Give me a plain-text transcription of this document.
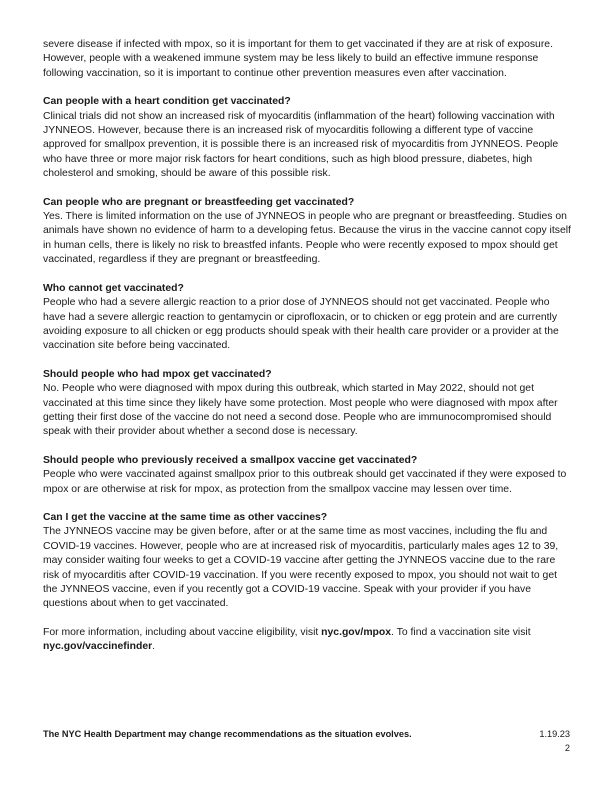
severe disease if infected with mpox, so it is important for them to get vaccinated if they are at risk of exposure. However, people with a weakened immune system may be less likely to build an effective immune response following vaccination, so it is important to continue other prevention measures even after vaccination.

Can people with a heart condition get vaccinated?

Clinical trials did not show an increased risk of myocarditis (inflammation of the heart) following vaccination with JYNNEOS. However, because there is an increased risk of myocarditis following a different type of vaccine approved for smallpox prevention, it is possible there is an increased risk of myocarditis from JYNNEOS. People who have three or more major risk factors for heart conditions, such as high blood pressure, diabetes, high cholesterol and smoking, should be aware of this possible risk.

Can people who are pregnant or breastfeeding get vaccinated?

Yes. There is limited information on the use of JYNNEOS in people who are pregnant or breastfeeding. Studies on animals have shown no evidence of harm to a developing fetus. Because the virus in the vaccine cannot copy itself in human cells, there is likely no risk to breastfed infants. People who were recently exposed to mpox should get vaccinated, regardless if they are pregnant or breastfeeding.

Who cannot get vaccinated?

People who had a severe allergic reaction to a prior dose of JYNNEOS should not get vaccinated. People who have had a severe allergic reaction to gentamycin or ciprofloxacin, or to chicken or egg protein and are currently avoiding exposure to all chicken or egg products should speak with their health care provider or a provider at the vaccination site before being vaccinated.

Should people who had mpox get vaccinated?

No. People who were diagnosed with mpox during this outbreak, which started in May 2022, should not get vaccinated at this time since they likely have some protection. Most people who were diagnosed with mpox after getting their first dose of the vaccine do not need a second dose. People who are immunocompromised should speak with their provider about whether a second dose is necessary.

Should people who previously received a smallpox vaccine get vaccinated?

People who were vaccinated against smallpox prior to this outbreak should get vaccinated if they were exposed to mpox or are otherwise at risk for mpox, as protection from the smallpox vaccine may lessen over time.

Can I get the vaccine at the same time as other vaccines?

The JYNNEOS vaccine may be given before, after or at the same time as most vaccines, including the flu and COVID-19 vaccines. However, people who are at increased risk of myocarditis, particularly males ages 12 to 39, may consider waiting four weeks to get a COVID-19 vaccine after getting the JYNNEOS vaccine due to the rare risk of myocarditis after COVID-19 vaccination. If you were recently exposed to mpox, you should not wait to get the JYNNEOS vaccine, even if you recently got a COVID-19 vaccine. Speak with your provider if you have questions about when to get vaccinated.

For more information, including about vaccine eligibility, visit nyc.gov/mpox. To find a vaccination site visit nyc.gov/vaccinefinder.

The NYC Health Department may change recommendations as the situation evolves.	1.19.23
2
